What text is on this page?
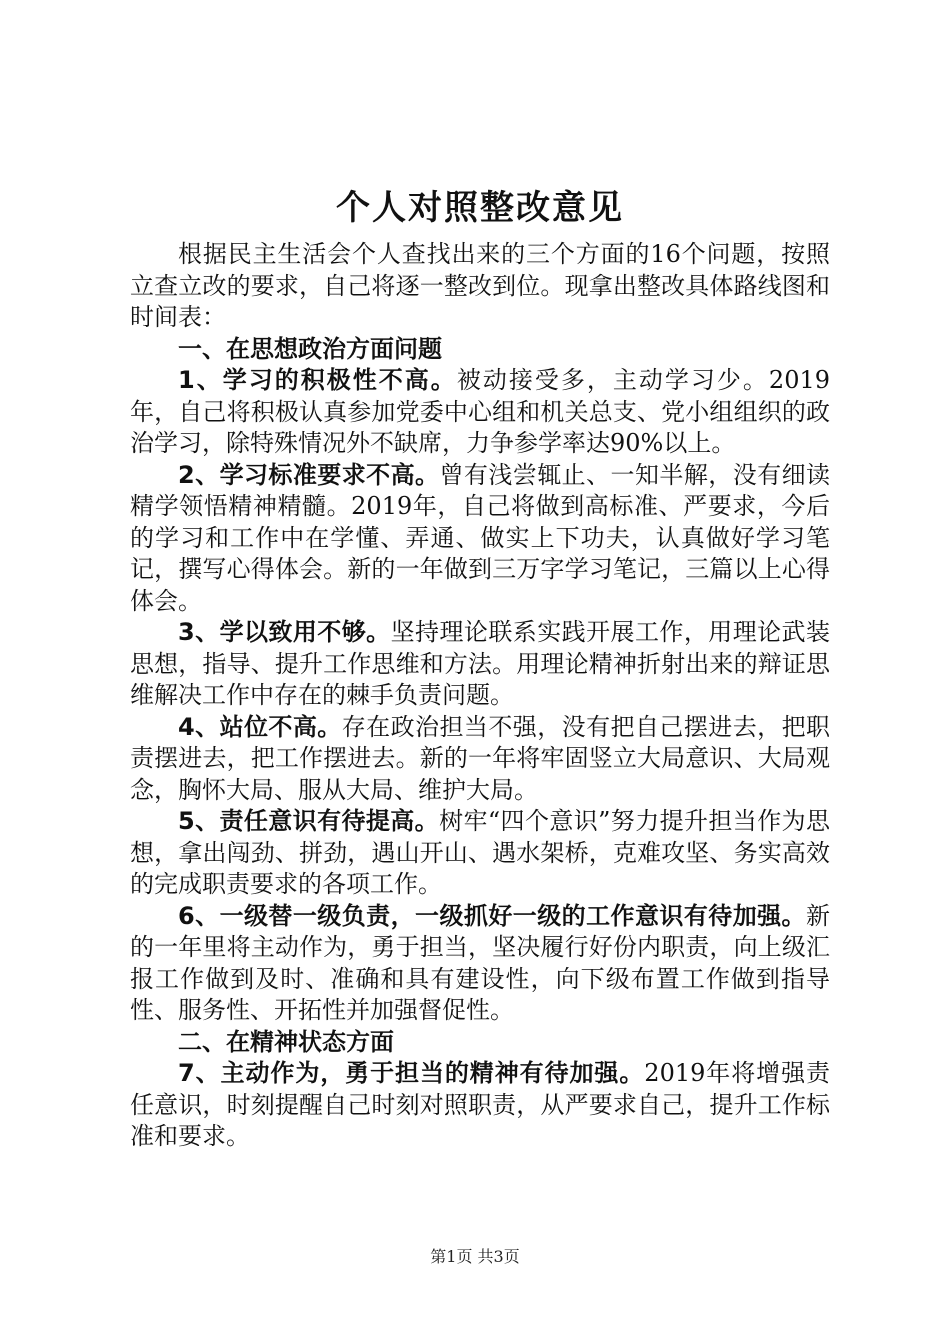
个人对照整改意见

根据民主生活会个人查找出来的三个方面的16个问题，按照立查立改的要求，自己将逐一整改到位。现拿出整改具体路线图和时间表：

一、在思想政治方面问题

1、学习的积极性不高。被动接受多，主动学习少。2019年，自己将积极认真参加党委中心组和机关总支、党小组组织的政治学习，除特殊情况外不缺席，力争参学率达90%以上。

2、学习标准要求不高。曾有浅尝辄止、一知半解，没有细读精学领悟精神精髓。2019年，自己将做到高标准、严要求，今后的学习和工作中在学懂、弄通、做实上下功夫，认真做好学习笔记，撰写心得体会。新的一年做到三万字学习笔记，三篇以上心得体会。

3、学以致用不够。坚持理论联系实践开展工作，用理论武装思想，指导、提升工作思维和方法。用理论精神折射出来的辩证思维解决工作中存在的棘手负责问题。

4、站位不高。存在政治担当不强，没有把自己摆进去，把职责摆进去，把工作摆进去。新的一年将牢固竖立大局意识、大局观念，胸怀大局、服从大局、维护大局。

5、责任意识有待提高。树牢“四个意识”努力提升担当作为思想，拿出闯劲、拼劲，遇山开山、遇水架桥，克难攻坚、务实高效的完成职责要求的各项工作。

6、一级替一级负责，一级抓好一级的工作意识有待加强。新的一年里将主动作为，勇于担当，坚决履行好份内职责，向上级汇报工作做到及时、准确和具有建设性，向下级布置工作做到指导性、服务性、开拓性并加强督促性。

二、在精神状态方面

7、主动作为，勇于担当的精神有待加强。2019年将增强责任意识，时刻提醒自己时刻对照职责，从严要求自己，提升工作标准和要求。

第1页 共3页
